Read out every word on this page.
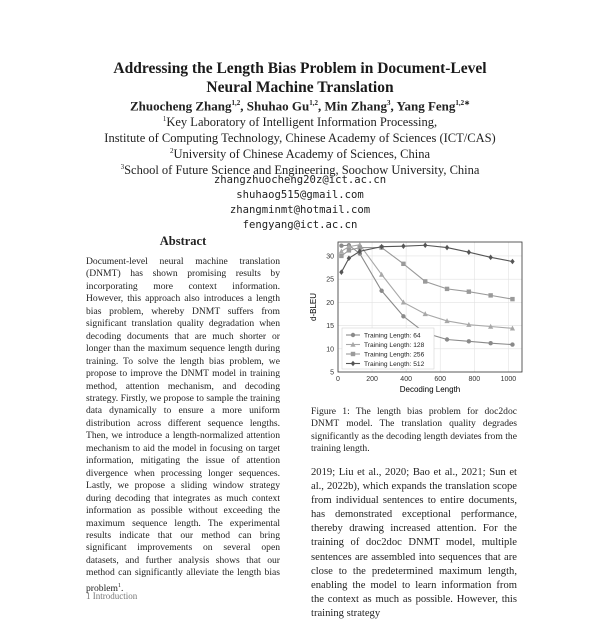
Addressing the Length Bias Problem in Document-Level
Neural Machine Translation
Zhuocheng Zhang$^{1,2}$, Shuhao Gu$^{1,2}$, Min Zhang$^3$, Yang Feng$^{1,2∗}$
$^1$Key Laboratory of Intelligent Information Processing,
Institute of Computing Technology, Chinese Academy of Sciences (ICT/CAS)
$^2$University of Chinese Academy of Sciences, China
$^3$School of Future Science and Engineering, Soochow University, China
zhangzhuocheng20z@ict.ac.cn
shuhaog515@gmail.com
zhangminmt@hotmail.com
fengyang@ict.ac.cn
Abstract
Document-level neural machine translation (DNMT) has shown promising results by incorporating more context information. However, this approach also introduces a length bias problem, whereby DNMT suffers from significant translation quality degradation when decoding documents that are much shorter or longer than the maximum sequence length during training. To solve the length bias problem, we propose to improve the DNMT model in training method, attention mechanism, and decoding strategy. Firstly, we propose to sample the training data dynamically to ensure a more uniform distribution across different sequence lengths. Then, we introduce a length-normalized attention mechanism to aid the model in focusing on target information, mitigating the issue of attention divergence when processing longer sequences. Lastly, we propose a sliding window strategy during decoding that integrates as much context information as possible without exceeding the maximum sequence length. The experimental results indicate that our method can bring significant improvements on several open datasets, and further analysis shows that our method can significantly alleviate the length bias problem$^1$.
0	200	400	600	800	1000
5
10
15
20
25
30
Training Length: 64
Training Length: 128
Training Length: 256
Training Length: 512
Decoding Length
d-BLEU
Figure 1: The length bias problem for doc2doc DNMT model. The translation quality degrades significantly as the decoding length deviates from the training length.
2019; Liu et al., 2020; Bao et al., 2021; Sun et al., 2022b), which expands the translation scope from individual sentences to entire documents, has demonstrated exceptional performance, thereby drawing increased attention. For the training of doc2doc DNMT model, multiple sentences are assembled into sequences that are close to the predetermined maximum length, enabling the model to learn information from the context as much as possible. However, this training strategy
1 Introduction
